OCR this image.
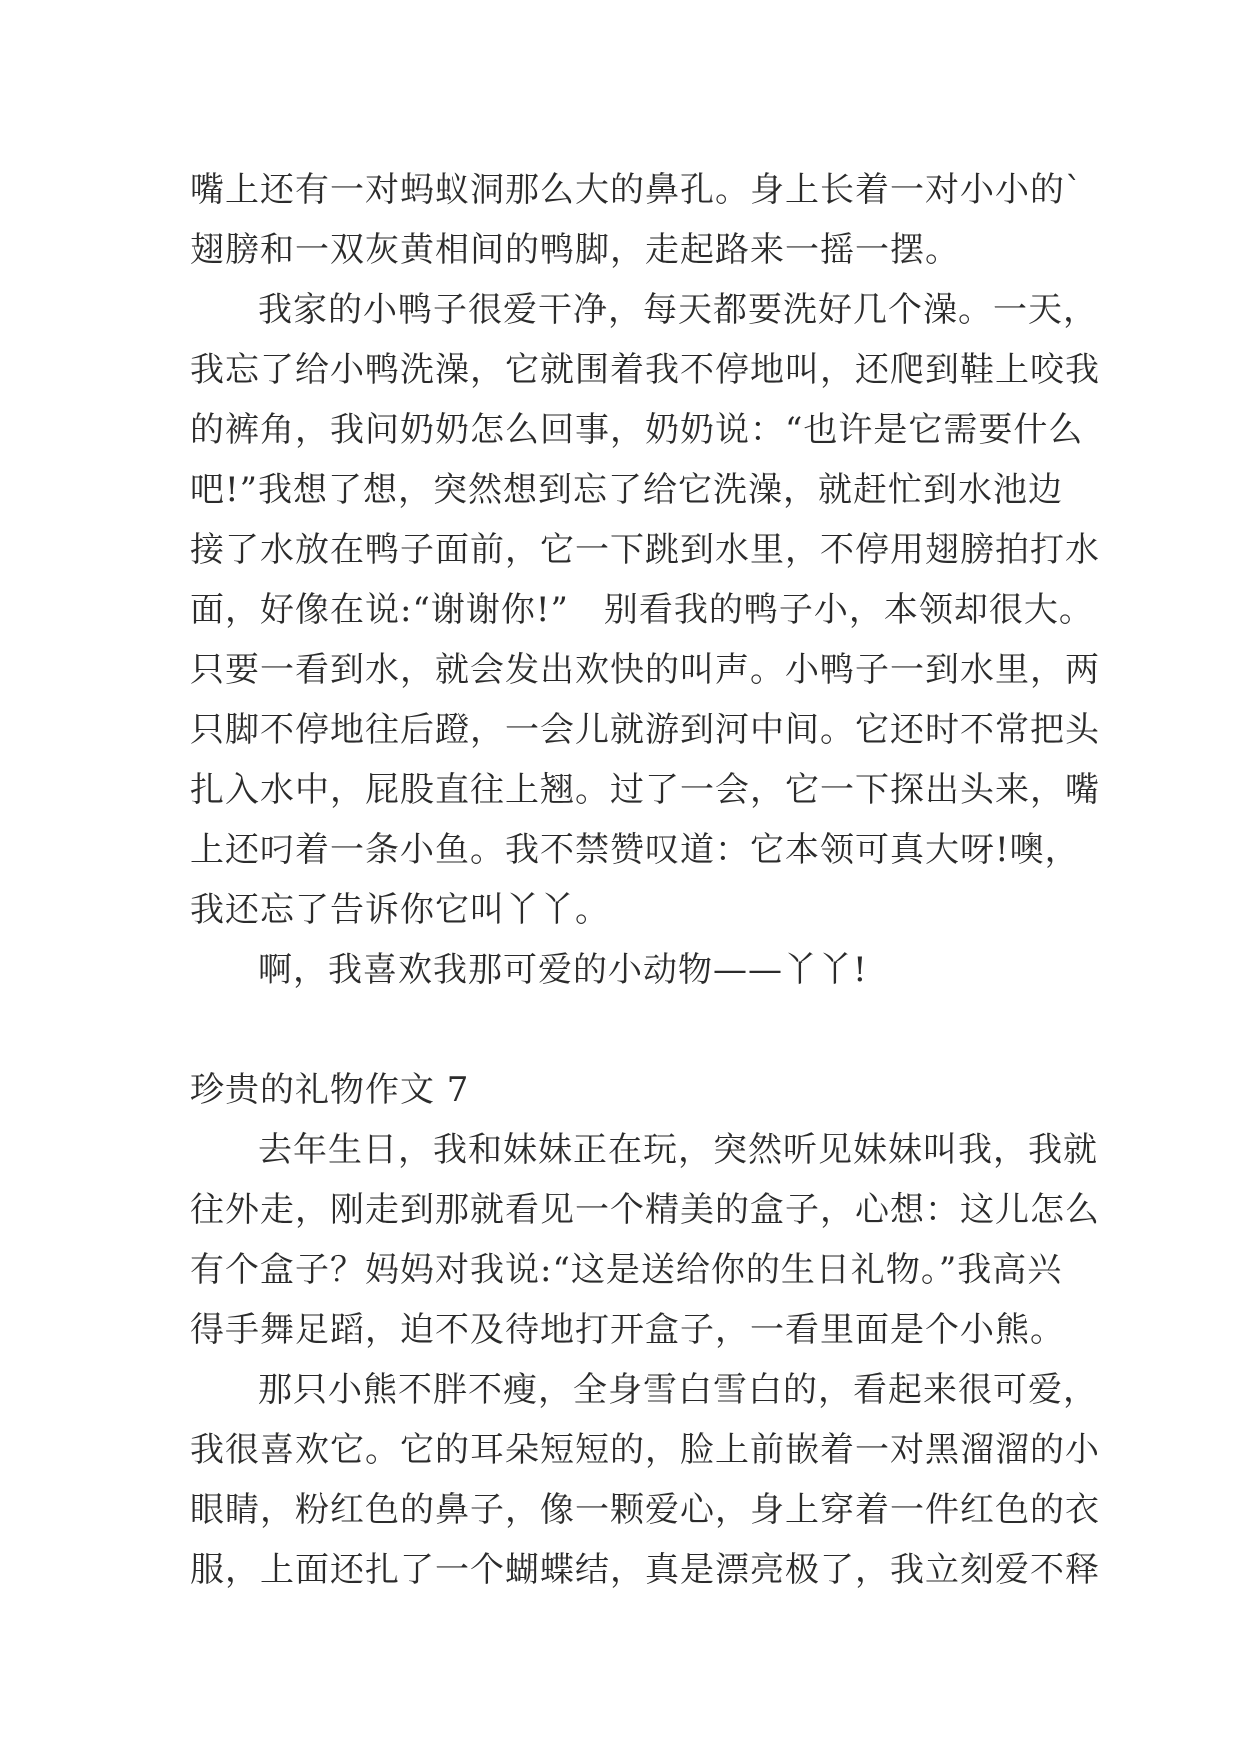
嘴上还有一对蚂蚁洞那么大的鼻孔。身上长着一对小小的`
翅膀和一双灰黄相间的鸭脚，走起路来一摇一摆。
我家的小鸭子很爱干净，每天都要洗好几个澡。一天，
我忘了给小鸭洗澡，它就围着我不停地叫，还爬到鞋上咬我
的裤角，我问奶奶怎么回事，奶奶说：“也许是它需要什么
吧!”我想了想，突然想到忘了给它洗澡，就赶忙到水池边
接了水放在鸭子面前，它一下跳到水里，不停用翅膀拍打水
面，好像在说:“谢谢你!”　别看我的鸭子小，本领却很大。
只要一看到水，就会发出欢快的叫声。小鸭子一到水里，两
只脚不停地往后蹬，一会儿就游到河中间。它还时不常把头
扎入水中，屁股直往上翘。过了一会，它一下探出头来，嘴
上还叼着一条小鱼。我不禁赞叹道：它本领可真大呀!噢，
我还忘了告诉你它叫丫丫。
啊，我喜欢我那可爱的小动物——丫丫!
珍贵的礼物作文 7
去年生日，我和妹妹正在玩，突然听见妹妹叫我，我就
往外走，刚走到那就看见一个精美的盒子，心想：这儿怎么
有个盒子？妈妈对我说:“这是送给你的生日礼物。”我高兴
得手舞足蹈，迫不及待地打开盒子，一看里面是个小熊。
那只小熊不胖不瘦，全身雪白雪白的，看起来很可爱，
我很喜欢它。它的耳朵短短的，脸上前嵌着一对黑溜溜的小
眼睛，粉红色的鼻子，像一颗爱心，身上穿着一件红色的衣
服，上面还扎了一个蝴蝶结，真是漂亮极了，我立刻爱不释
